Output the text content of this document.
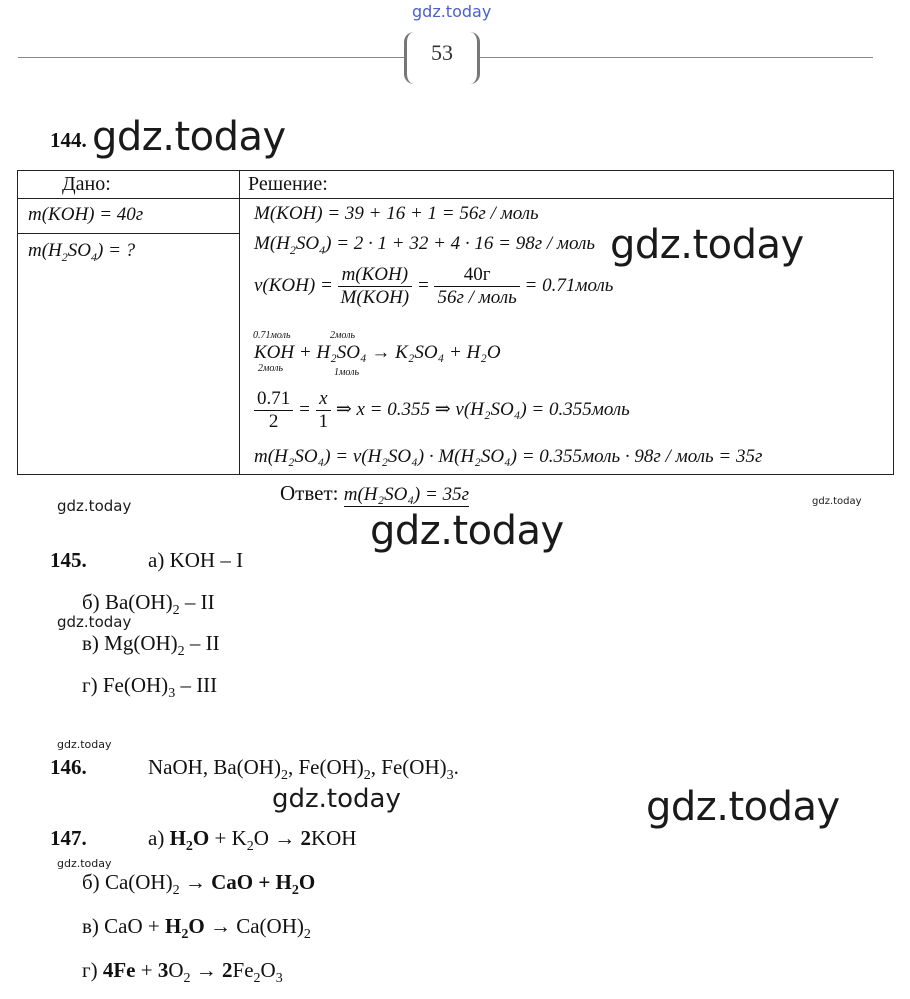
gdz.today
53
144. gdz.today
Дано:	Решение:
m(KOH) = 40г
$m(H_2SO_4)$ = ?
M(KOH) = 39 + 16 + 1 = 56г / моль
$M(H_2SO_4) = 2 \cdot 1 + 32 + 4 \cdot 16 = 98г$ / моль gdz.today
$\nu(KOH) = \frac{\text{m(KOH)}}{\text{M(KOH)}} = \frac{40г}{\text{56г / моль}}$ = 0.71моль
0.71моль	2моль
KOH + H₂SO₄ → K₂SO₄ + H₂O
2моль	1моль
$\frac{0.71}{2} = \frac{x}{1}$ ⇒ x = 0.355 ⇒ ν(H₂SO₄) = 0.355моль
m(H₂SO₄) = ν(H₂SO₄) · M(H₂SO₄) = 0.355моль · 98г / моль = 35г
Ответ: m(H₂SO₄) = 35г
gdz.today	gdz.today
gdz.today
145.	а) KOH – I
б) $Ba(OH)_2$ – II
gdz.today
в) $Mg(OH)_2$ – II
г) $Fe(OH)_3$ – III
gdz.today
146.	NaOH, $Ba(OH)_2$, $Fe(OH)_2$, $Fe(OH)_3$.
gdz.today	gdz.today
147.	а) $H_2O + K_2O \to 2KOH$
gdz.today
б) $Ca(OH)_2$ → CaO + $H_2O$
в) CaO + $H_2O \to Ca(OH)_2$
г) $4Fe + 3O_2 \to 2Fe_2O_3$
